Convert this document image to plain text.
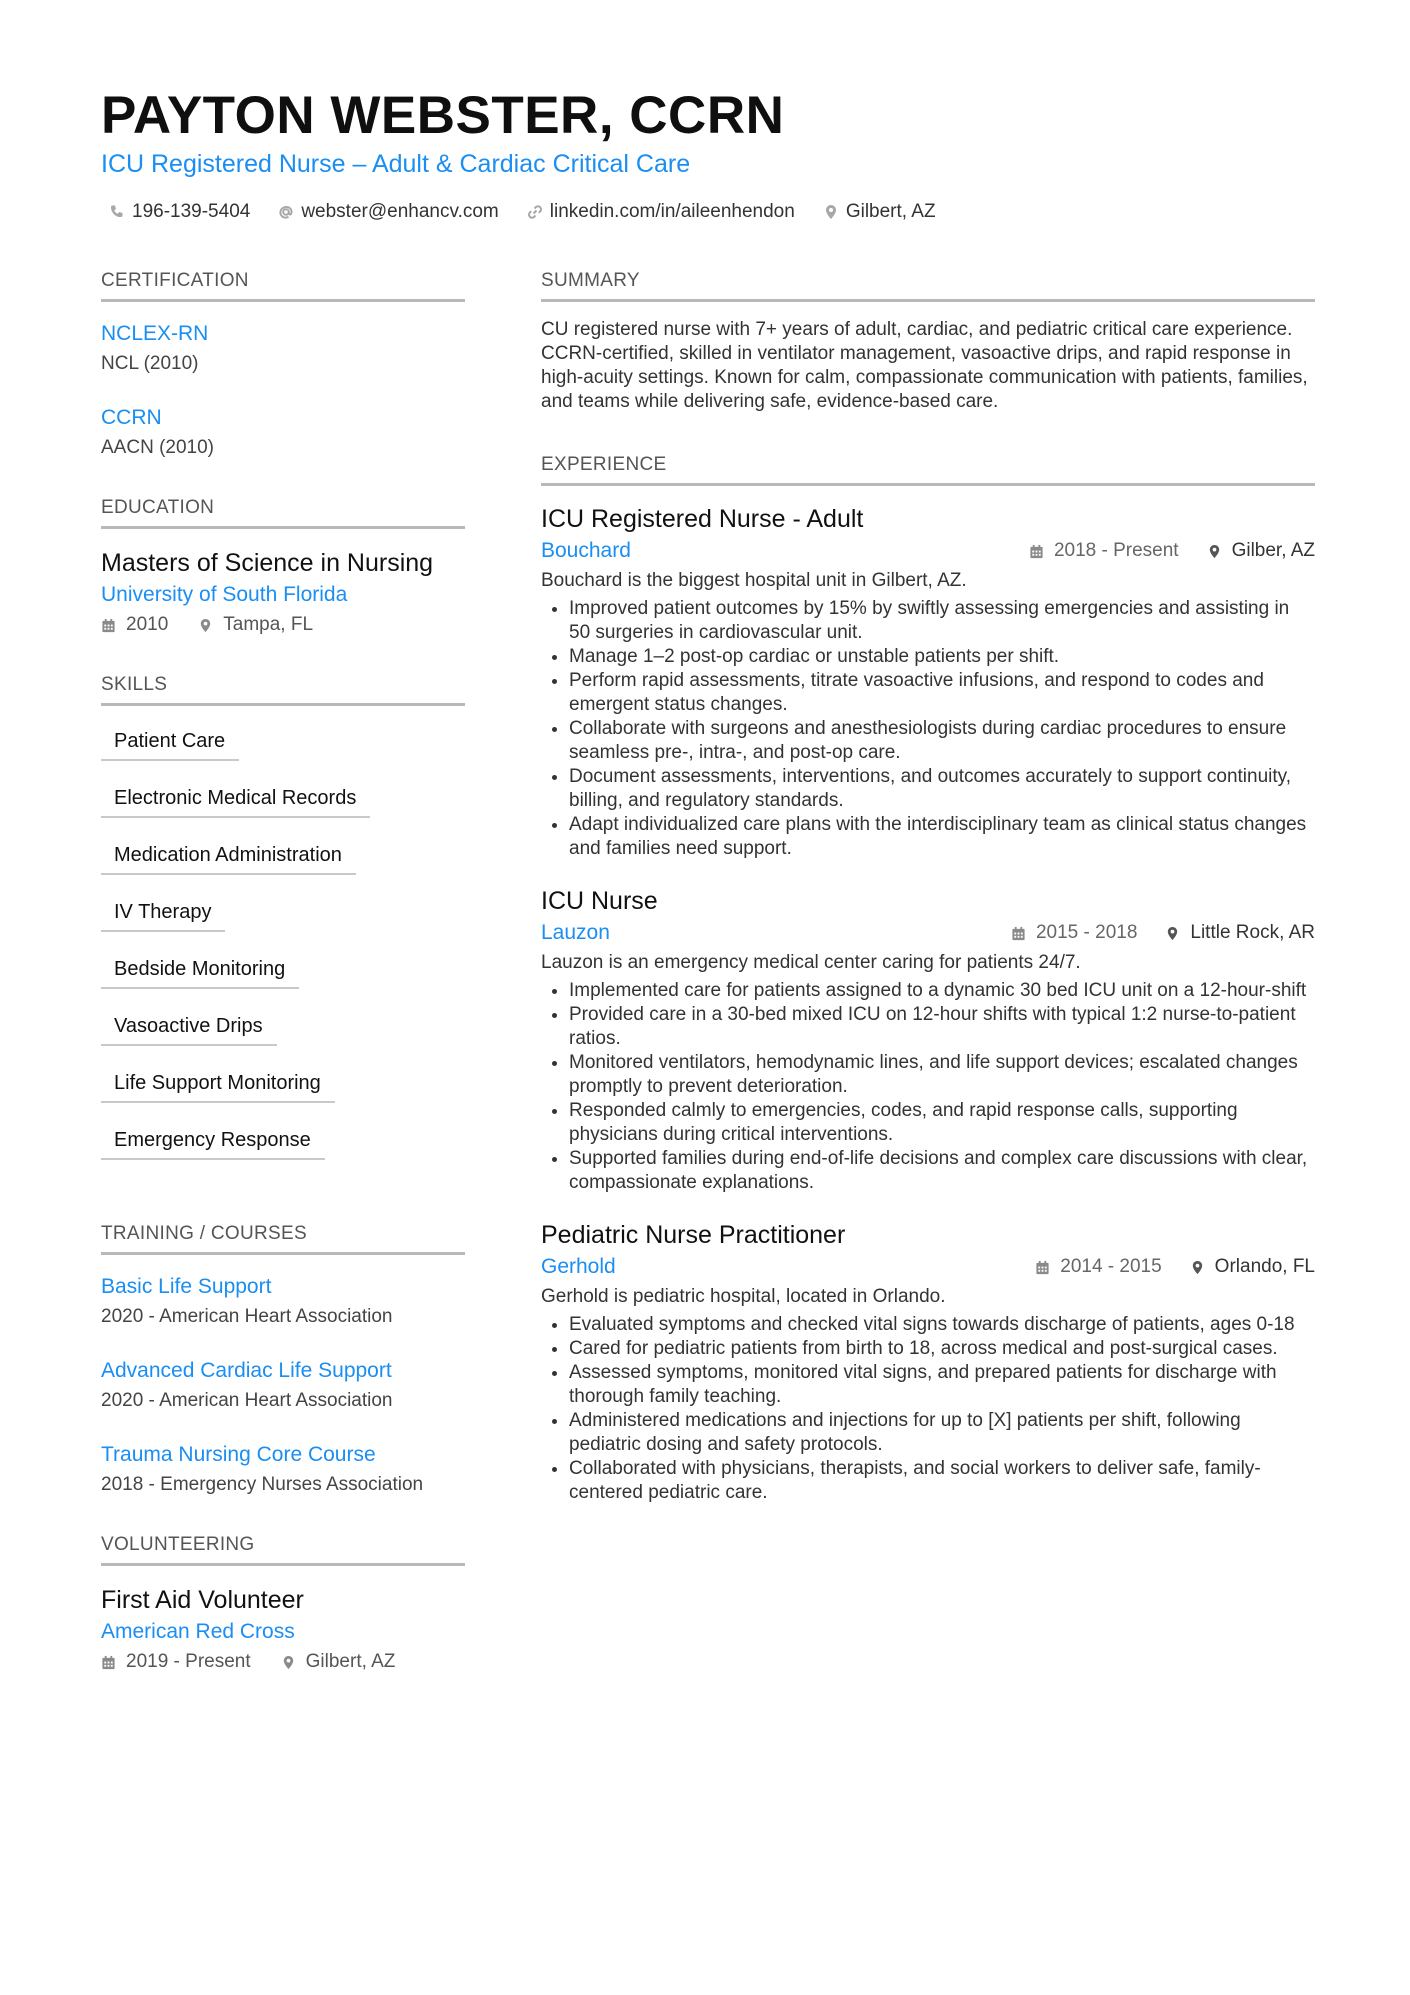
PAYTON WEBSTER, CCRN
ICU Registered Nurse – Adult & Cardiac Critical Care
196-139-5404	webster@enhancv.com	linkedin.com/in/aileenhendon	Gilbert, AZ
CERTIFICATION
NCLEX-RN
NCL (2010)
CCRN
AACN (2010)
EDUCATION
Masters of Science in Nursing
University of South Florida
2010	Tampa, FL
SKILLS
Patient Care
Electronic Medical Records
Medication Administration
IV Therapy
Bedside Monitoring
Vasoactive Drips
Life Support Monitoring
Emergency Response
TRAINING / COURSES
Basic Life Support
2020 - American Heart Association
Advanced Cardiac Life Support
2020 - American Heart Association
Trauma Nursing Core Course
2018 - Emergency Nurses Association
VOLUNTEERING
First Aid Volunteer
American Red Cross
2019 - Present	Gilbert, AZ
SUMMARY
CU registered nurse with 7+ years of adult, cardiac, and pediatric critical care experience. CCRN-certified, skilled in ventilator management, vasoactive drips, and rapid response in high-acuity settings. Known for calm, compassionate communication with patients, families, and teams while delivering safe, evidence-based care.
EXPERIENCE
ICU Registered Nurse - Adult
Bouchard	2018 - Present	Gilber, AZ
Bouchard is the biggest hospital unit in Gilbert, AZ.
• Improved patient outcomes by 15% by swiftly assessing emergencies and assisting in 50 surgeries in cardiovascular unit.
• Manage 1–2 post-op cardiac or unstable patients per shift.
• Perform rapid assessments, titrate vasoactive infusions, and respond to codes and emergent status changes.
• Collaborate with surgeons and anesthesiologists during cardiac procedures to ensure seamless pre-, intra-, and post-op care.
• Document assessments, interventions, and outcomes accurately to support continuity, billing, and regulatory standards.
• Adapt individualized care plans with the interdisciplinary team as clinical status changes and families need support.
ICU Nurse
Lauzon	2015 - 2018	Little Rock, AR
Lauzon is an emergency medical center caring for patients 24/7.
• Implemented care for patients assigned to a dynamic 30 bed ICU unit on a 12-hour-shift
• Provided care in a 30-bed mixed ICU on 12-hour shifts with typical 1:2 nurse-to-patient ratios.
• Monitored ventilators, hemodynamic lines, and life support devices; escalated changes promptly to prevent deterioration.
• Responded calmly to emergencies, codes, and rapid response calls, supporting physicians during critical interventions.
• Supported families during end-of-life decisions and complex care discussions with clear, compassionate explanations.
Pediatric Nurse Practitioner
Gerhold	2014 - 2015	Orlando, FL
Gerhold is pediatric hospital, located in Orlando.
• Evaluated symptoms and checked vital signs towards discharge of patients, ages 0-18
• Cared for pediatric patients from birth to 18, across medical and post-surgical cases.
• Assessed symptoms, monitored vital signs, and prepared patients for discharge with thorough family teaching.
• Administered medications and injections for up to [X] patients per shift, following pediatric dosing and safety protocols.
• Collaborated with physicians, therapists, and social workers to deliver safe, family-centered pediatric care.
